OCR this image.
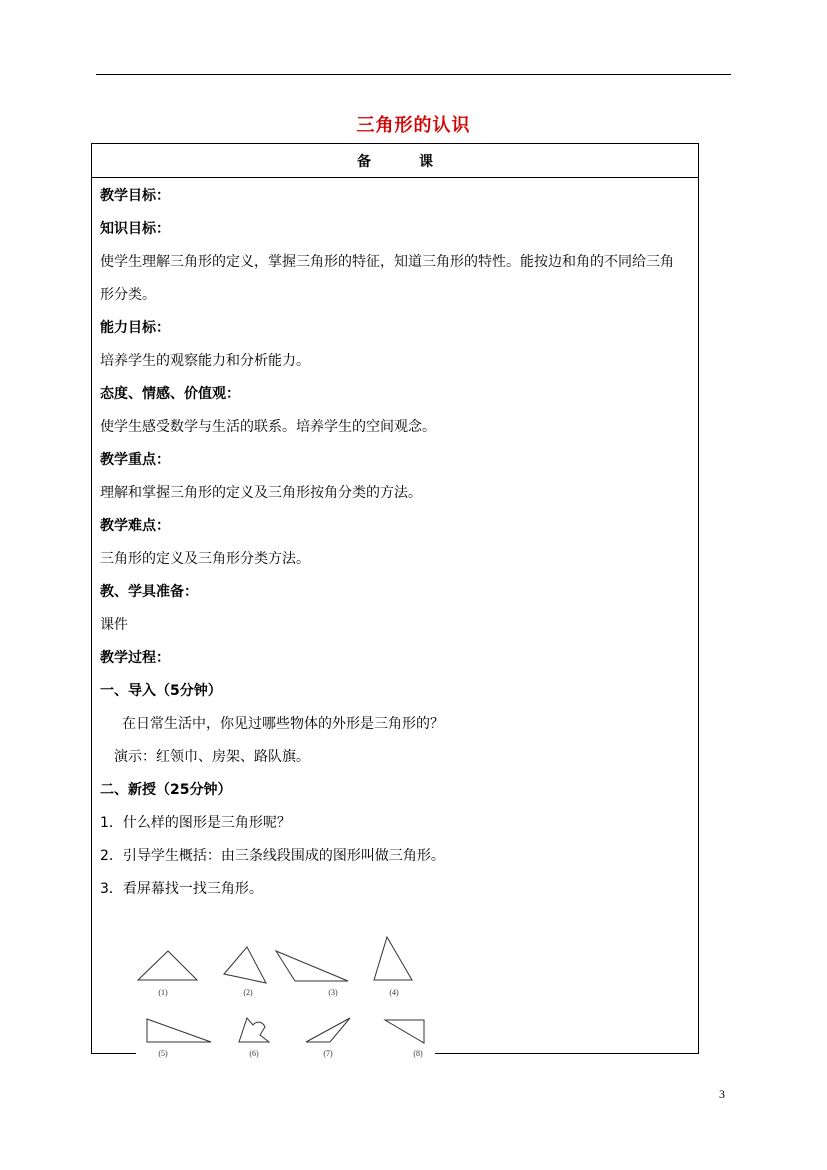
三角形的认识
备	课
教学目标：
知识目标：
使学生理解三角形的定义，掌握三角形的特征，知道三角形的特性。能按边和角的不同给三角
形分类。
能力目标：
培养学生的观察能力和分析能力。
态度、情感、价值观：
使学生感受数学与生活的联系。培养学生的空间观念。
教学重点：
理解和掌握三角形的定义及三角形按角分类的方法。
教学难点：
三角形的定义及三角形分类方法。
教、学具准备：
课件
教学过程：
一、导入（5分钟）
在日常生活中，你见过哪些物体的外形是三角形的？
演示：红领巾、房架、路队旗。
二、新授（25分钟）
1．什么样的图形是三角形呢？
2．引导学生概括：由三条线段围成的图形叫做三角形。
3．看屏幕找一找三角形。
(1)	(2)	(3)	(4)
(5)	(6)	(7)	(8)
3
